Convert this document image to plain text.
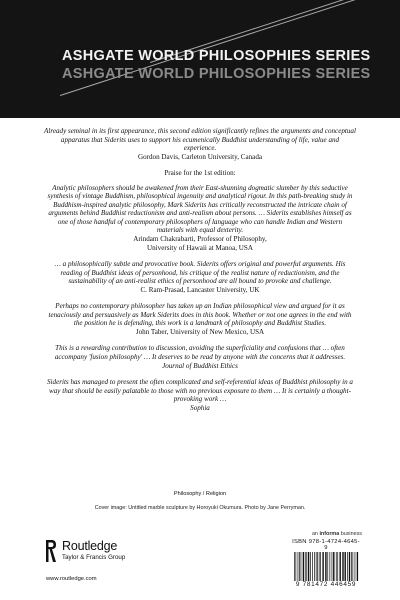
ASHGATE WORLD PHILOSOPHIES SERIES
ASHGATE WORLD PHILOSOPHIES SERIES
Already seminal in its first appearance, this second edition significantly refines the arguments and conceptual apparatus that Siderits uses to support his ecumenically Buddhist understanding of life, value and experience.
Gordon Davis, Carleton University, Canada
Praise for the 1st edition:
Analytic philosophers should be awakened from their East-shunning dogmatic slumber by this seductive synthesis of vintage Buddhism, philosophical ingenuity and analytical rigour. In this path-breaking study in Buddhism-inspired analytic philosophy, Mark Siderits has critically reconstructed the intricate chain of arguments behind Buddhist reductionism and anti-realism about persons. … Siderits establishes himself as one of those handful of contemporary philosophers of language who can handle Indian and Western materials with equal dexterity.
Arindam Chakrabarti, Professor of Philosophy,
University of Hawaii at Manoa, USA
… a philosophically subtle and provocative book. Siderits offers original and powerful arguments. His reading of Buddhist ideas of personhood, his critique of the realist nature of reductionism, and the sustainability of an anti-realist ethics of personhood are all bound to provoke and challenge.
C. Ram-Prasad, Lancaster University, UK
Perhaps no contemporary philosopher has taken up an Indian philosophical view and argued for it as tenaciously and persuasively as Mark Siderits does in this book. Whether or not one agrees in the end with the position he is defending, this work is a landmark of philosophy and Buddhist Studies.
John Taber, University of New Mexico, USA
This is a rewarding contribution to discussion, avoiding the superficiality and confusions that … often accompany 'fusion philosophy' … It deserves to be read by anyone with the concerns that it addresses.
Journal of Buddhist Ethics
Siderits has managed to present the often complicated and self-referential ideas of Buddhist philosophy in a way that should be easily palatable to those with no previous exposure to them … It is certainly a thought-provoking work …
Sophia
Philosophy / Religion
Cover image: Untitled marble sculpture by Horoyuki Okumura. Photo by Jane Perryman.
an informa business
ISBN 978-1-4724-4645-9
9 781472 446459
Routledge
Taylor & Francis Group
www.routledge.com
